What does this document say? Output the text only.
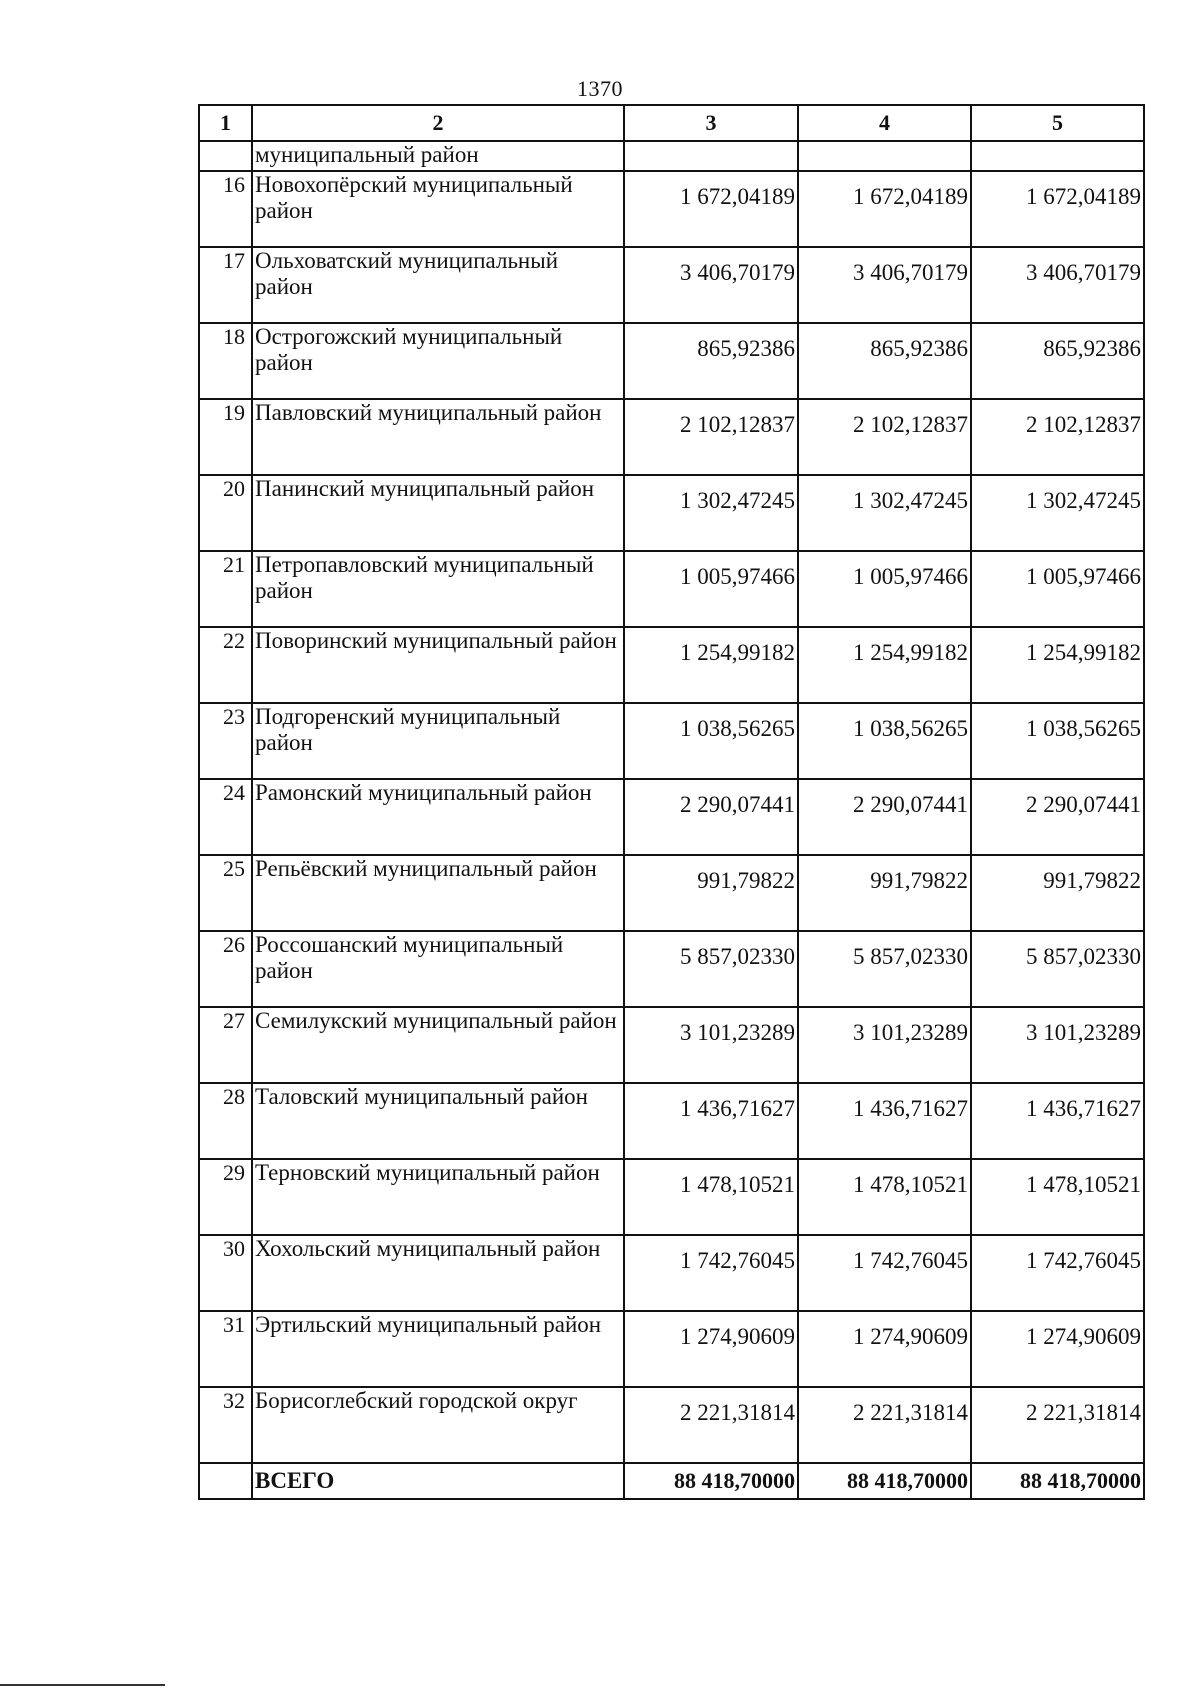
1370
1	2	3	4	5
	муниципальный район			
16	Новохопёрский муниципальный район	1 672,04189	1 672,04189	1 672,04189
17	Ольховатский муниципальный район	3 406,70179	3 406,70179	3 406,70179
18	Острогожский муниципальный район	865,92386	865,92386	865,92386
19	Павловский муниципальный район	2 102,12837	2 102,12837	2 102,12837
20	Панинский муниципальный район	1 302,47245	1 302,47245	1 302,47245
21	Петропавловский муниципальный район	1 005,97466	1 005,97466	1 005,97466
22	Поворинский муниципальный район	1 254,99182	1 254,99182	1 254,99182
23	Подгоренский муниципальный район	1 038,56265	1 038,56265	1 038,56265
24	Рамонский муниципальный район	2 290,07441	2 290,07441	2 290,07441
25	Репьёвский муниципальный район	991,79822	991,79822	991,79822
26	Россошанский муниципальный район	5 857,02330	5 857,02330	5 857,02330
27	Семилукский муниципальный район	3 101,23289	3 101,23289	3 101,23289
28	Таловский муниципальный район	1 436,71627	1 436,71627	1 436,71627
29	Терновский муниципальный район	1 478,10521	1 478,10521	1 478,10521
30	Хохольский муниципальный район	1 742,76045	1 742,76045	1 742,76045
31	Эртильский муниципальный район	1 274,90609	1 274,90609	1 274,90609
32	Борисоглебский городской округ	2 221,31814	2 221,31814	2 221,31814
	ВСЕГО	88 418,70000	88 418,70000	88 418,70000
